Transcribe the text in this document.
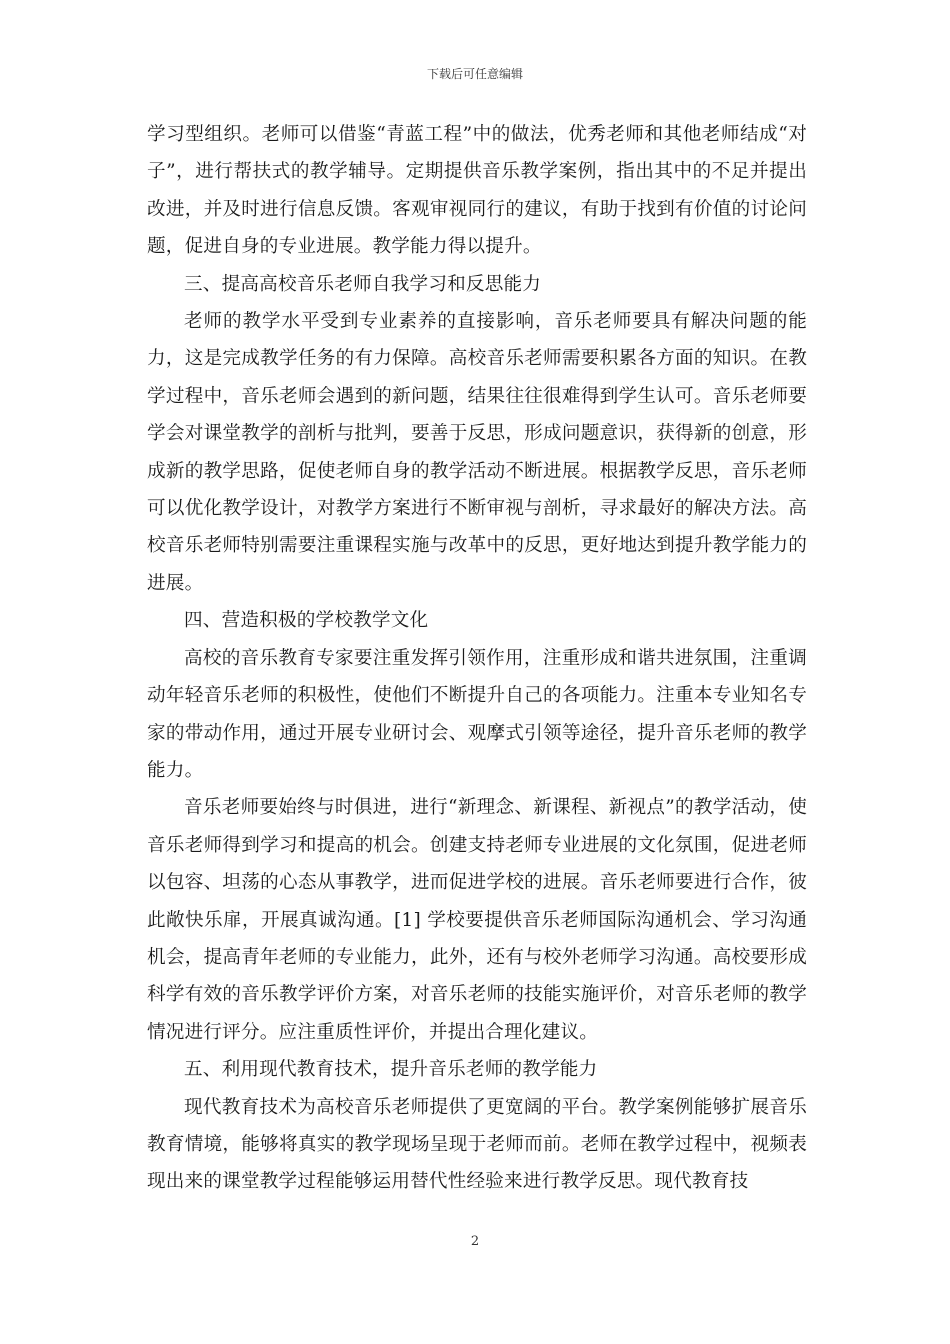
下载后可任意编辑

学习型组织。老师可以借鉴“青蓝工程”中的做法，优秀老师和其他老师结成“对子”，进行帮扶式的教学辅导。定期提供音乐教学案例，指出其中的不足并提出改进，并及时进行信息反馈。客观审视同行的建议，有助于找到有价值的讨论问题，促进自身的专业进展。教学能力得以提升。

三、提高高校音乐老师自我学习和反思能力

老师的教学水平受到专业素养的直接影响，音乐老师要具有解决问题的能力，这是完成教学任务的有力保障。高校音乐老师需要积累各方面的知识。在教学过程中，音乐老师会遇到的新问题，结果往往很难得到学生认可。音乐老师要学会对课堂教学的剖析与批判，要善于反思，形成问题意识，获得新的创意，形成新的教学思路，促使老师自身的教学活动不断进展。根据教学反思，音乐老师可以优化教学设计，对教学方案进行不断审视与剖析，寻求最好的解决方法。高校音乐老师特别需要注重课程实施与改革中的反思，更好地达到提升教学能力的进展。

四、营造积极的学校教学文化

高校的音乐教育专家要注重发挥引领作用，注重形成和谐共进氛围，注重调动年轻音乐老师的积极性，使他们不断提升自己的各项能力。注重本专业知名专家的带动作用，通过开展专业研讨会、观摩式引领等途径，提升音乐老师的教学能力。

音乐老师要始终与时俱进，进行“新理念、新课程、新视点”的教学活动，使音乐老师得到学习和提高的机会。创建支持老师专业进展的文化氛围，促进老师以包容、坦荡的心态从事教学，进而促进学校的进展。音乐老师要进行合作，彼此敞快乐扉，开展真诚沟通。[1] 学校要提供音乐老师国际沟通机会、学习沟通机会，提高青年老师的专业能力，此外，还有与校外老师学习沟通。高校要形成科学有效的音乐教学评价方案，对音乐老师的技能实施评价，对音乐老师的教学情况进行评分。应注重质性评价，并提出合理化建议。

五、利用现代教育技术，提升音乐老师的教学能力

现代教育技术为高校音乐老师提供了更宽阔的平台。教学案例能够扩展音乐教育情境，能够将真实的教学现场呈现于老师而前。老师在教学过程中，视频表现出来的课堂教学过程能够运用替代性经验来进行教学反思。现代教育技

2
